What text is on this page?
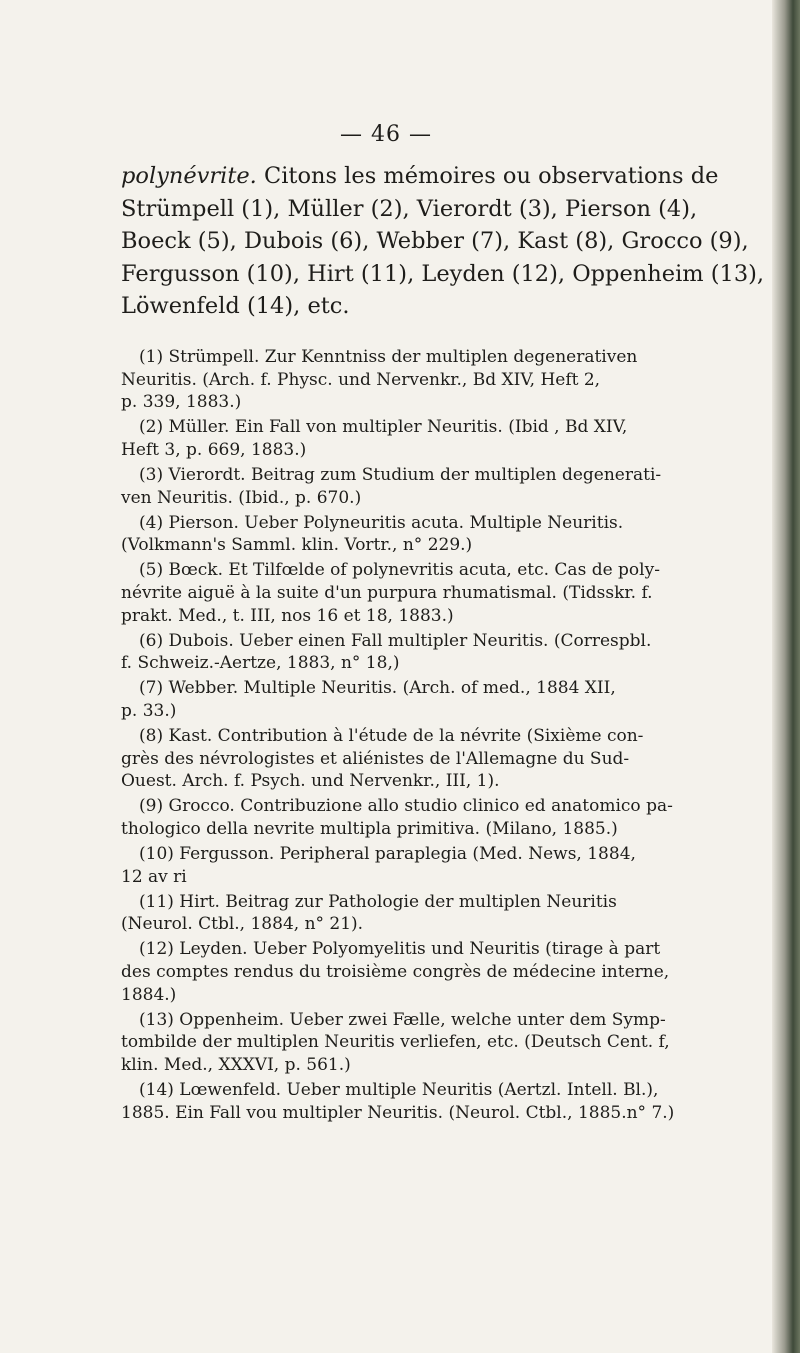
— 46 —

polynévrite. Citons les mémoires ou observations de
Strümpell (1), Müller (2), Vierordt (3), Pierson (4),
Boeck (5), Dubois (6), Webber (7), Kast (8), Grocco (9),
Fergusson (10), Hirt (11), Leyden (12), Oppenheim (13),
Löwenfeld (14), etc.

(1) Strümpell. Zur Kenntniss der multiplen degenerativen
Neuritis. (Arch. f. Physc. und Nervenkr., Bd XIV, Heft 2,
p. 339, 1883.)

(2) Müller. Ein Fall von multipler Neuritis. (Ibid , Bd XIV,
Heft 3, p. 669, 1883.)

(3) Vierordt. Beitrag zum Studium der multiplen degenerati-
ven Neuritis. (Ibid., p. 670.)

(4) Pierson. Ueber Polyneuritis acuta. Multiple Neuritis.
(Volkmann's Samml. klin. Vortr., n° 229.)

(5) Bœck. Et Tilfœlde of polynevritis acuta, etc. Cas de poly-
névrite aiguë à la suite d'un purpura rhumatismal. (Tidsskr. f.
prakt. Med., t. III, nos 16 et 18, 1883.)

(6) Dubois. Ueber einen Fall multipler Neuritis. (Correspbl.
f. Schweiz.-Aertze, 1883, n° 18,)

(7) Webber. Multiple Neuritis. (Arch. of med., 1884 XII,
p. 33.)

(8) Kast. Contribution à l'étude de la névrite (Sixième con-
grès des névrologistes et aliénistes de l'Allemagne du Sud-
Ouest. Arch. f. Psych. und Nervenkr., III, 1).

(9) Grocco. Contribuzione allo studio clinico ed anatomico pa-
thologico della nevrite multipla primitiva. (Milano, 1885.)

(10) Fergusson. Peripheral paraplegia (Med. News, 1884,
12 av ri

(11) Hirt. Beitrag zur Pathologie der multiplen Neuritis
(Neurol. Ctbl., 1884, n° 21).

(12) Leyden. Ueber Polyomyelitis und Neuritis (tirage à part
des comptes rendus du troisième congrès de médecine interne,
1884.)

(13) Oppenheim. Ueber zwei Fælle, welche unter dem Symp-
tombilde der multiplen Neuritis verliefen, etc. (Deutsch Cent. f,
klin. Med., XXXVI, p. 561.)

(14) Lœwenfeld. Ueber multiple Neuritis (Aertzl. Intell. Bl.),
1885. Ein Fall vou multipler Neuritis. (Neurol. Ctbl., 1885.n° 7.)
